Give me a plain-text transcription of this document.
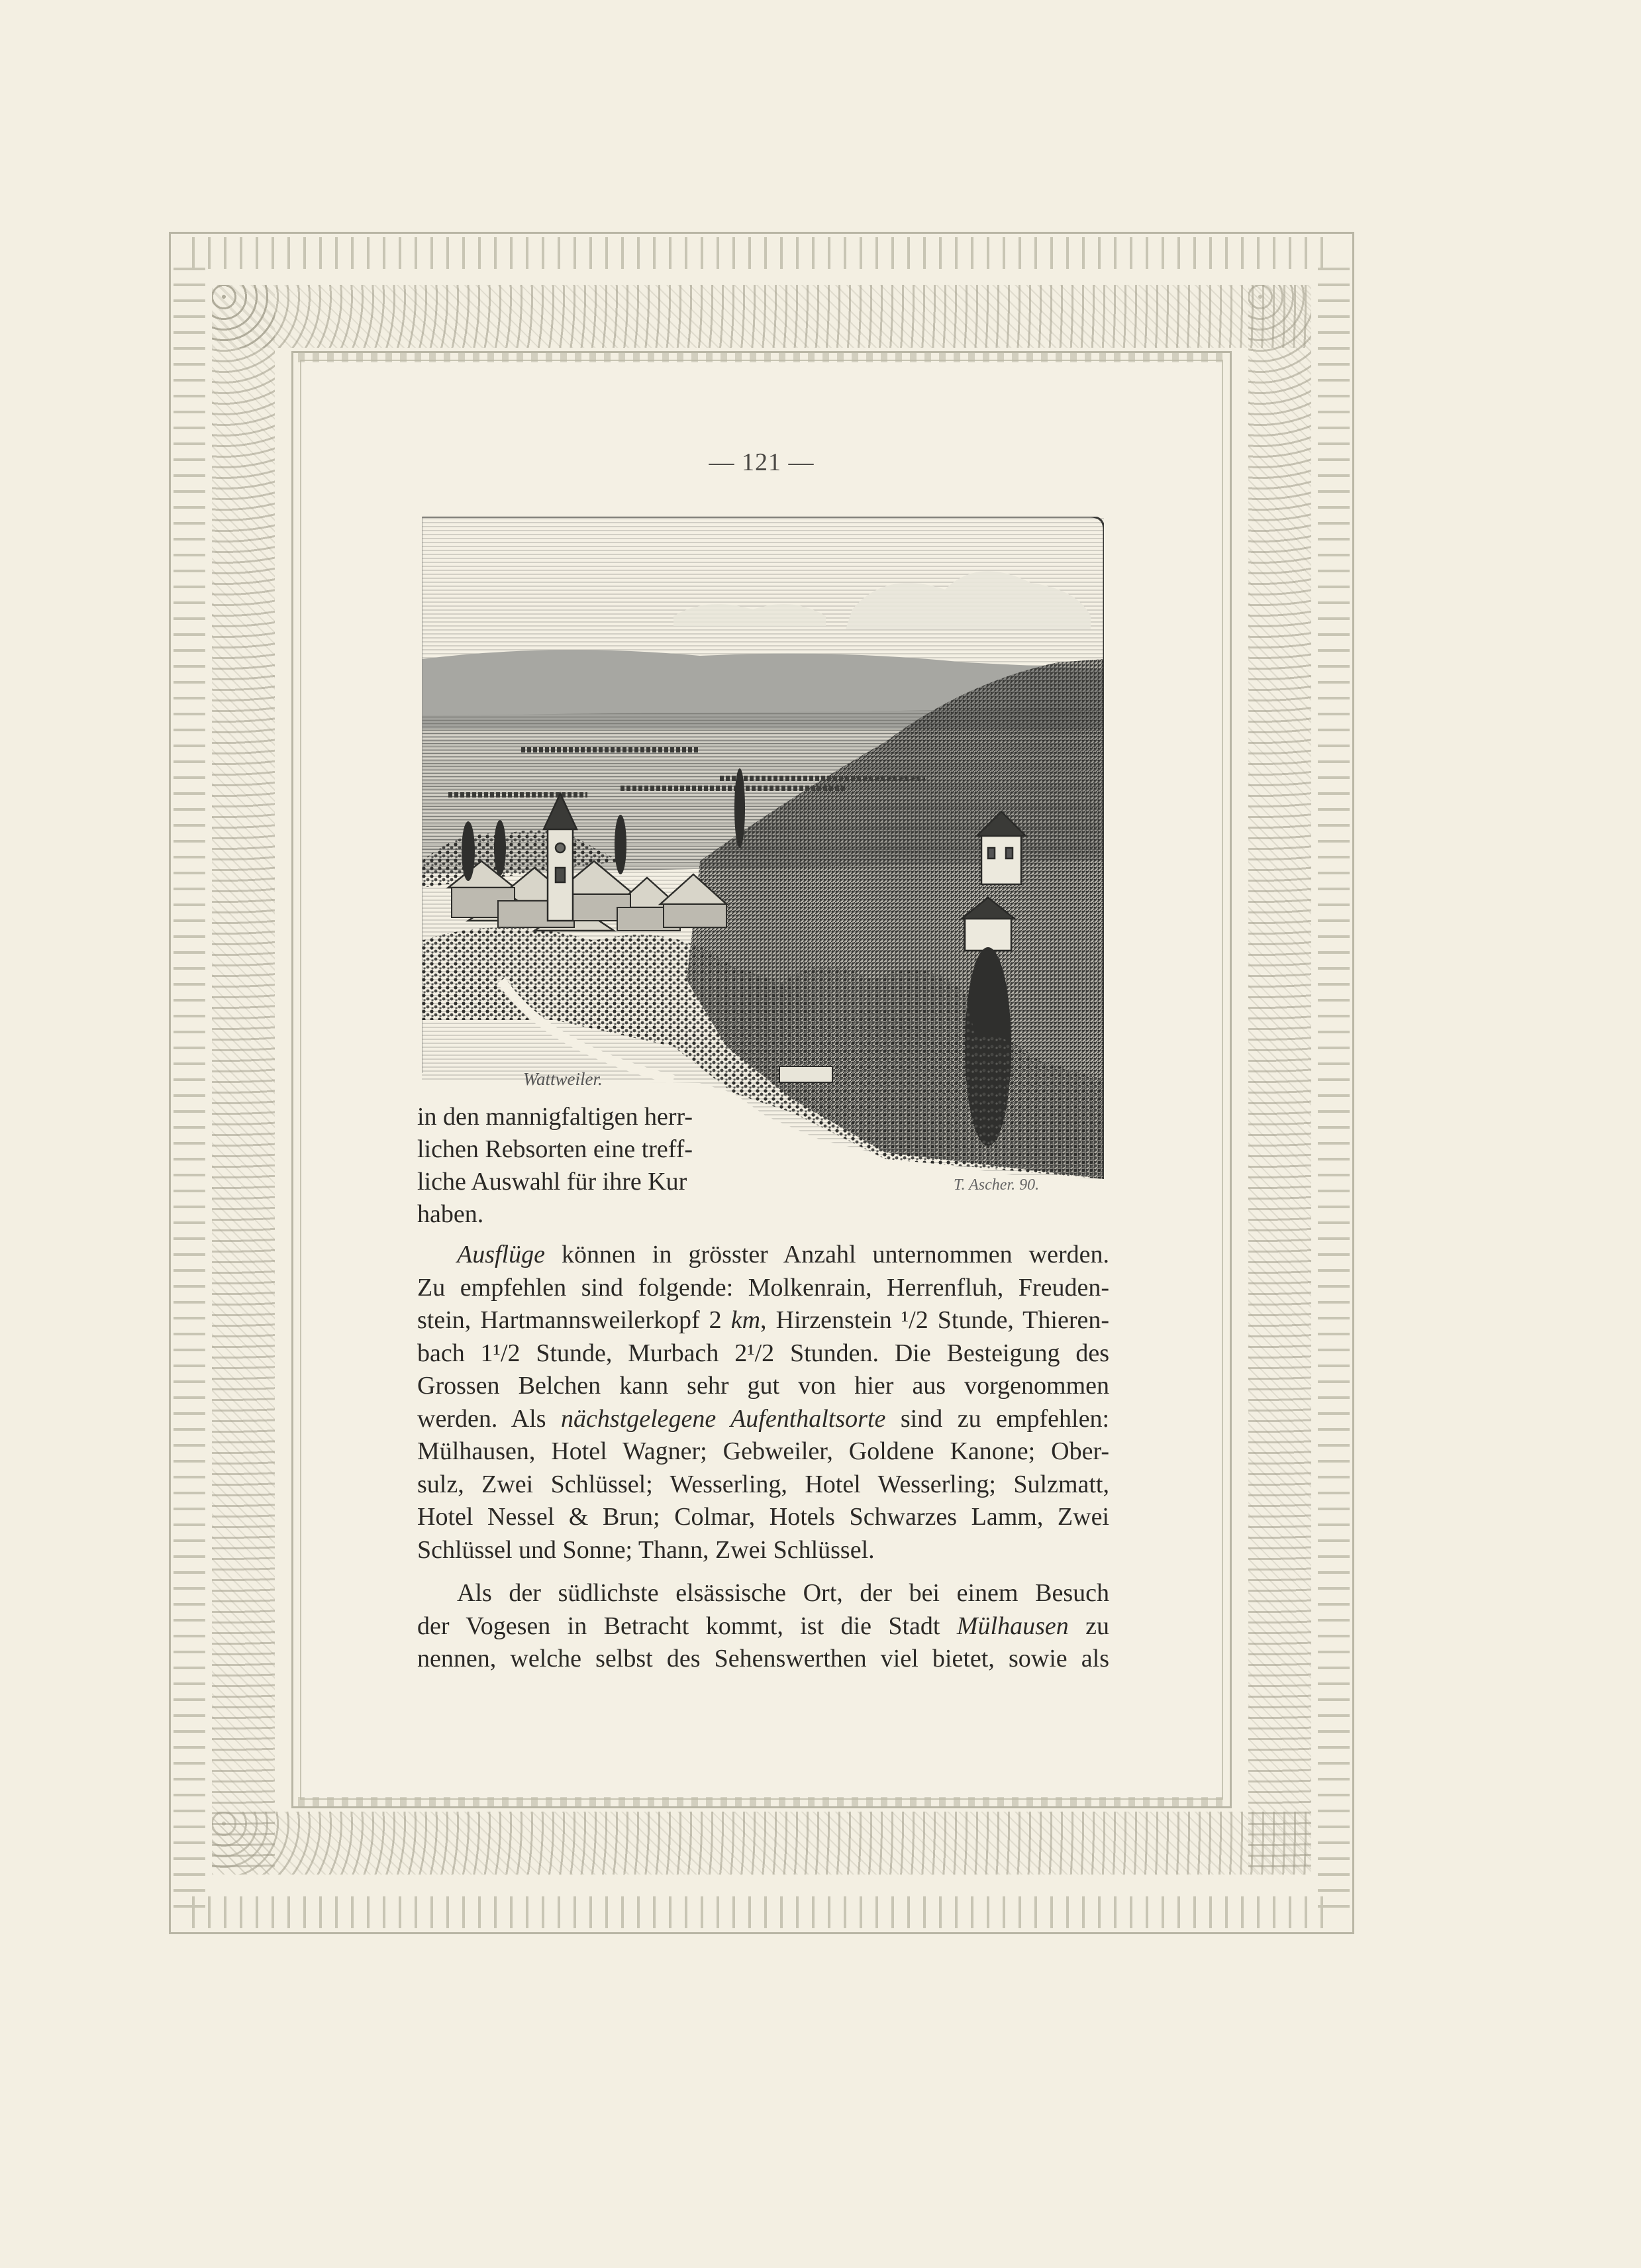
— 121 —
Wattweiler.
T. Ascher. 90.
in den mannigfaltigen herr-
lichen Rebsorten eine treff-
liche Auswahl für ihre Kur
haben.
Ausflüge können in grösster Anzahl unternommen werden.
Zu empfehlen sind folgende: Molkenrain, Herrenfluh, Freuden-
stein, Hartmannsweilerkopf 2 km, Hirzenstein ¹/2 Stunde, Thieren-
bach 1¹/2 Stunde, Murbach 2¹/2 Stunden. Die Besteigung des
Grossen Belchen kann sehr gut von hier aus vorgenommen
werden. Als nächstgelegene Aufenthaltsorte sind zu empfehlen:
Mülhausen, Hotel Wagner; Gebweiler, Goldene Kanone; Ober-
sulz, Zwei Schlüssel; Wesserling, Hotel Wesserling; Sulzmatt,
Hotel Nessel & Brun; Colmar, Hotels Schwarzes Lamm, Zwei
Schlüssel und Sonne; Thann, Zwei Schlüssel.
Als der südlichste elsässische Ort, der bei einem Besuch
der Vogesen in Betracht kommt, ist die Stadt Mülhausen zu
nennen, welche selbst des Sehenswerthen viel bietet, sowie als
